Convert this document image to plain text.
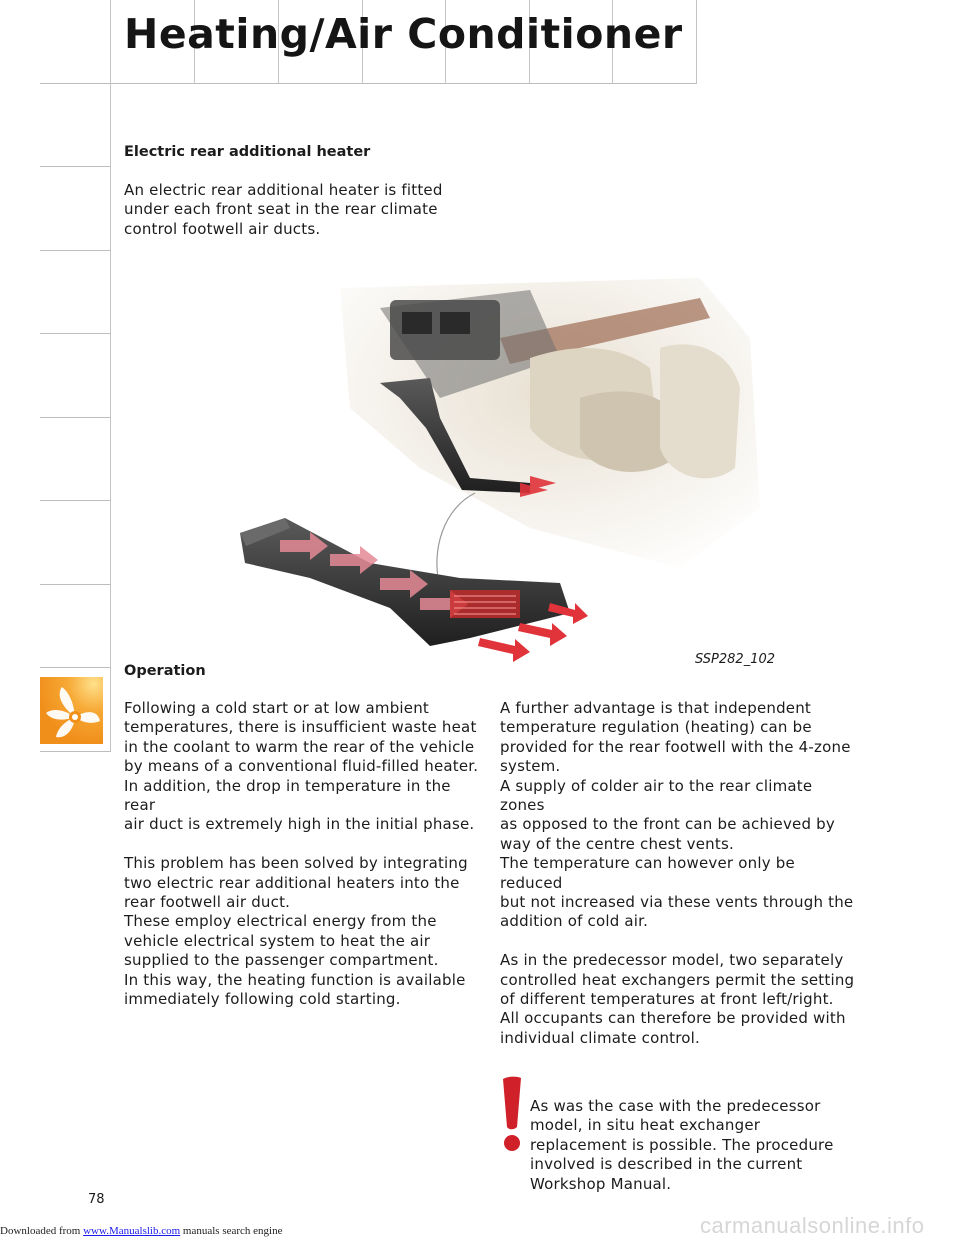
Heating/Air Conditioner
Electric rear additional heater

An electric rear additional heater is fitted

under each front seat in the rear climate

control footwell air ducts.

SSP282_102
Operation

Following a cold start or at low ambient

temperatures, there is insufficient waste heat

in the coolant to warm the rear of the vehicle

by means of a conventional fluid-filled heater.

In addition, the drop in temperature in the rear

air duct is extremely high in the initial phase.

This problem has been solved by integrating

two electric rear additional heaters into the

rear footwell air duct.

These employ electrical energy from the

vehicle electrical system to heat the air

supplied to the passenger compartment.

In this way, the heating function is available

immediately following cold starting.

A further advantage is that independent

temperature regulation (heating) can be

provided for the rear footwell with the 4-zone

system.

A supply of colder air to the rear climate zones

as opposed to the front can be achieved by

way of the centre chest vents.

The temperature can however only be reduced

but not increased via these vents through the

addition of cold air.

As in the predecessor model, two separately

controlled heat exchangers permit the setting

of different temperatures at front left/right.

All occupants can therefore be provided with

individual climate control.

As was the case with the predecessor

model, in situ heat exchanger

replacement is possible. The procedure

involved is described in the current

Workshop Manual.

78
Downloaded from www.Manualslib.com manuals search engine	carmanualsonline.info
